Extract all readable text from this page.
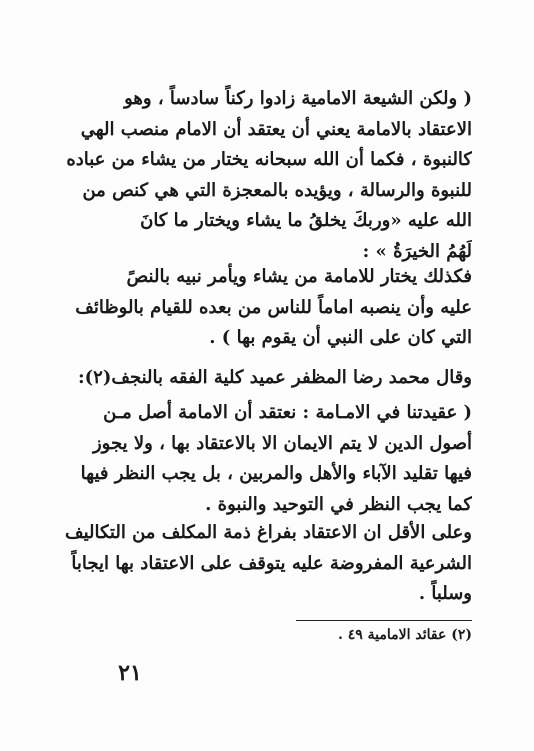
( ولكن الشيعة الامامية زادوا ركناً سادساً ، وهو
الاعتقاد بالامامة يعني أن يعتقد أن الامام منصب الهي
كالنبوة ، فكما أن الله سبحانه يختار من يشاء من عباده
للنبوة والرسالة ، ويؤيده بالمعجزة التي هي كنص من
الله عليه «وربكَ يخلقُ ما يشاء ويختار ما كانَ
لَهُمُ الخيرَةُ » :
فكذلك يختار للامامة من يشاء ويأمر نبيه بالنصً
عليه وأن ينصبه اماماً للناس من بعده للقيام بالوظائف
التي كان على النبي أن يقوم بها ) .
وقال محمد رضا المظفر عميد كلية الفقه بالنجف(٢):
( عقيدتنا في الامـامة : نعتقد أن الامامة أصل مـن
أصول الدين لا يتم الايمان الا بالاعتقاد بها ، ولا يجوز
فيها تقليد الآباء والأهل والمربين ، بل يجب النظر فيها
كما يجب النظر في التوحيد والنبوة .
وعلى الأقل ان الاعتقاد بفراغ ذمة المكلف من التكاليف
الشرعية المفروضة عليه يتوقف على الاعتقاد بها ايجاباً
وسلباً .
(٢) عقائد الامامية ٤٩ .
٢١
